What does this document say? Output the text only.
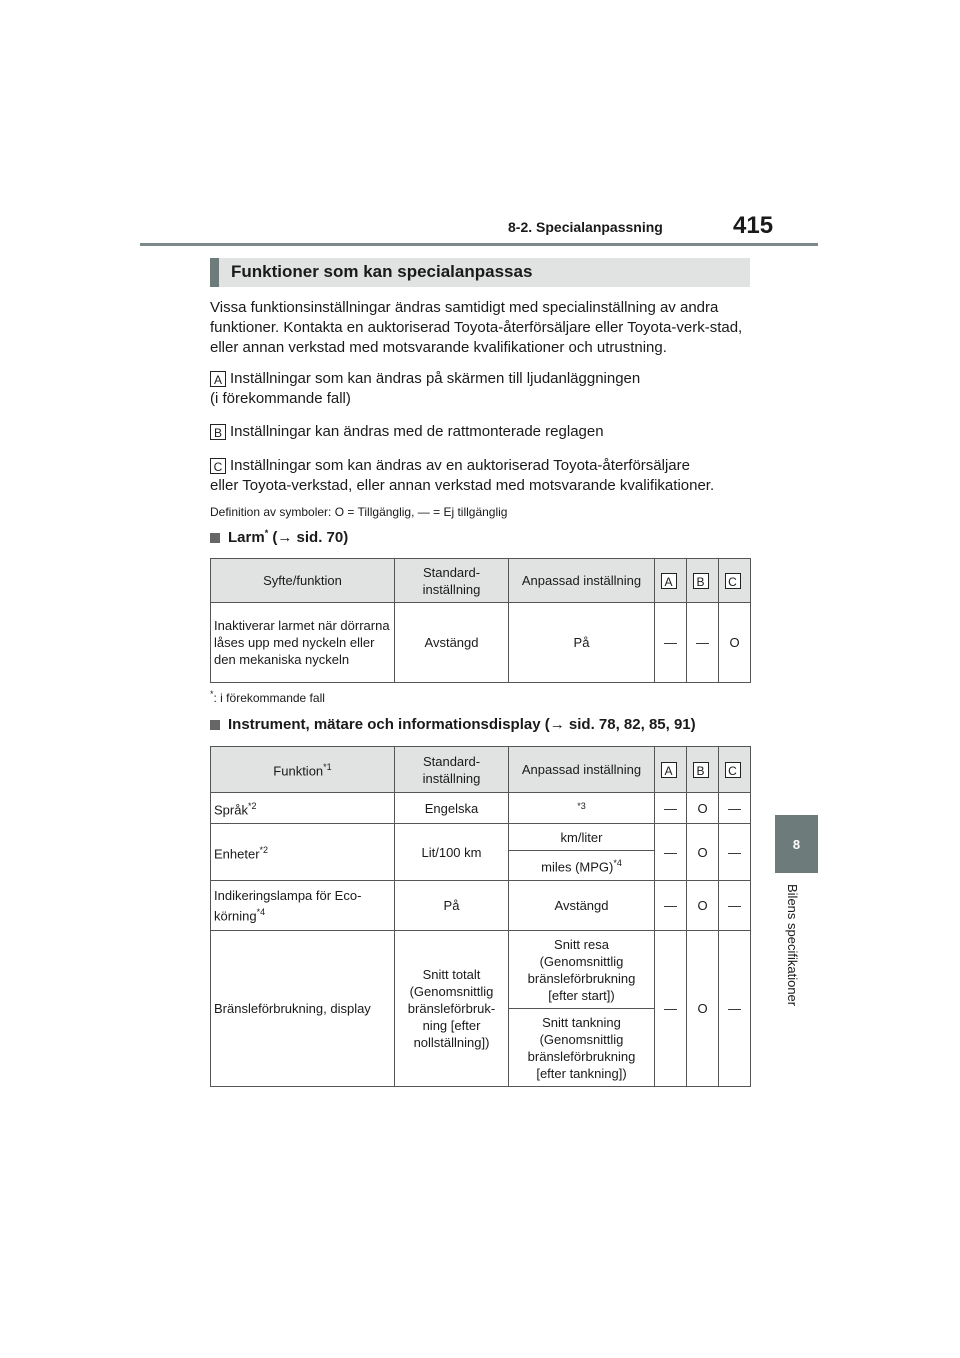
8-2. Specialanpassning	415
8
Bilens specifikationer
Funktioner som kan specialanpassas
Vissa funktionsinställningar ändras samtidigt med specialinställning av andra funktioner. Kontakta en auktoriserad Toyota-återförsäljare eller Toyota-verk-stad, eller annan verkstad med motsvarande kvalifikationer och utrustning.
A Inställningar som kan ändras på skärmen till ljudanläggningen
(i förekommande fall)
B Inställningar kan ändras med de rattmonterade reglagen
C Inställningar som kan ändras av en auktoriserad Toyota-återförsäljare
eller Toyota-verkstad, eller annan verkstad med motsvarande kvalifikationer.
Definition av symboler: O = Tillgänglig, — = Ej tillgänglig
Larm* (→ sid. 70)
Syfte/funktion	Standard-inställning	Anpassad inställning	A	B	C
Inaktiverar larmet när dörrarna låses upp med nyckeln eller den mekaniska nyckeln	Avstängd	På	—	—	O
*: i förekommande fall
Instrument, mätare och informationsdisplay (→ sid. 78, 82, 85, 91)
Funktion$^{*1}$	Standard-inställning	Anpassad inställning	A	B	C
Språk$^{*2}$	Engelska	$^{*3}$	—	O	—
Enheter$^{*2}$	Lit/100 km	km/liter	—	O	—
		miles (MPG)$^{*4}$
Indikeringslampa för Eco-körning$^{*4}$	På	Avstängd	—	O	—
Bränsleförbrukning, display	Snitt totalt (Genomsnittlig bränsleförbruk-ning [efter nollställning])	Snitt resa (Genomsnittlig bränsleförbrukning [efter start])	—	O	—
		Snitt tankning (Genomsnittlig bränsleförbrukning [efter tankning])			
